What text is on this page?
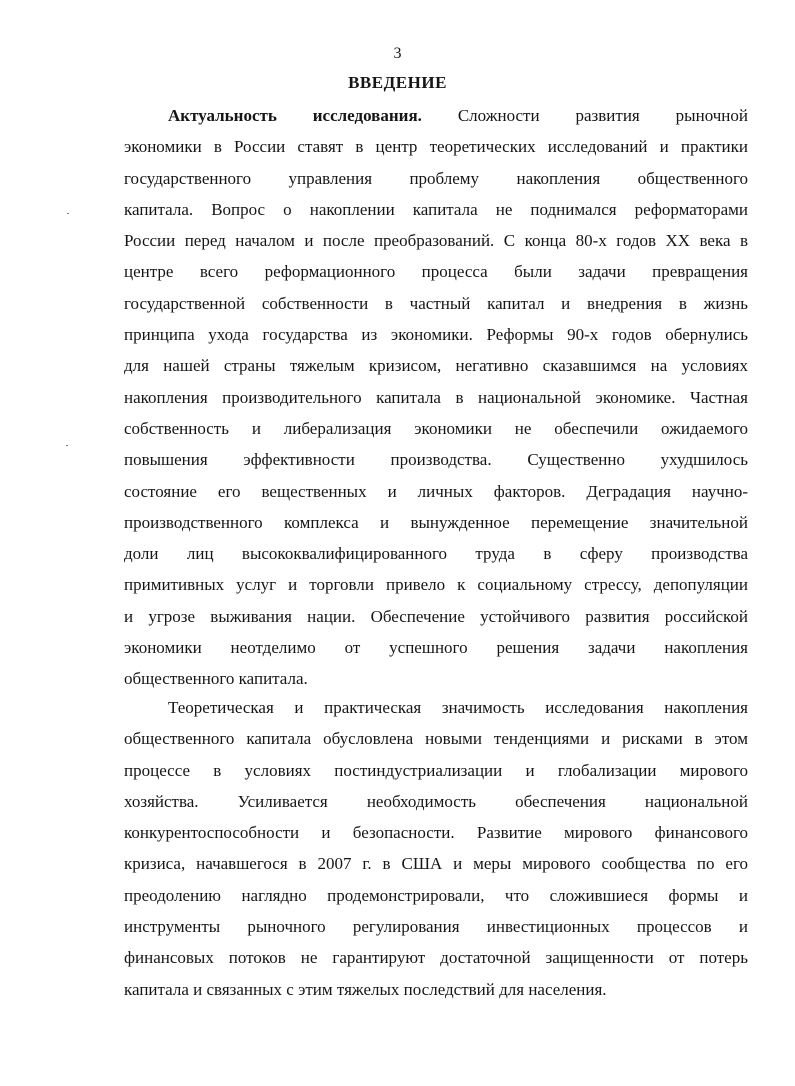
3
ВВЕДЕНИЕ
Актуальность исследования. Сложности развития рыночной
экономики в России ставят в центр теоретических исследований и практики
государственного управления проблему накопления общественного
капитала. Вопрос о накоплении капитала не поднимался реформаторами
России перед началом и после преобразований. С конца 80-х годов XX века в
центре всего реформационного процесса были задачи превращения
государственной собственности в частный капитал и внедрения в жизнь
принципа ухода государства из экономики. Реформы 90-х годов обернулись
для нашей страны тяжелым кризисом, негативно сказавшимся на условиях
накопления производительного капитала в национальной экономике. Частная
собственность и либерализация экономики не обеспечили ожидаемого
повышения эффективности производства. Существенно ухудшилось
состояние его вещественных и личных факторов. Деградация научно-
производственного комплекса и вынужденное перемещение значительной
доли лиц высококвалифицированного труда в сферу производства
примитивных услуг и торговли привело к социальному стрессу, депопуляции
и угрозе выживания нации. Обеспечение устойчивого развития российской
экономики неотделимо от успешного решения задачи накопления
общественного капитала.
Теоретическая и практическая значимость исследования накопления
общественного капитала обусловлена новыми тенденциями и рисками в этом
процессе в условиях постиндустриализации и глобализации мирового
хозяйства. Усиливается необходимость обеспечения национальной
конкурентоспособности и безопасности. Развитие мирового финансового
кризиса, начавшегося в 2007 г. в США и меры мирового сообщества по его
преодолению наглядно продемонстрировали, что сложившиеся формы и
инструменты рыночного регулирования инвестиционных процессов и
финансовых потоков не гарантируют достаточной защищенности от потерь
капитала и связанных с этим тяжелых последствий для населения.
